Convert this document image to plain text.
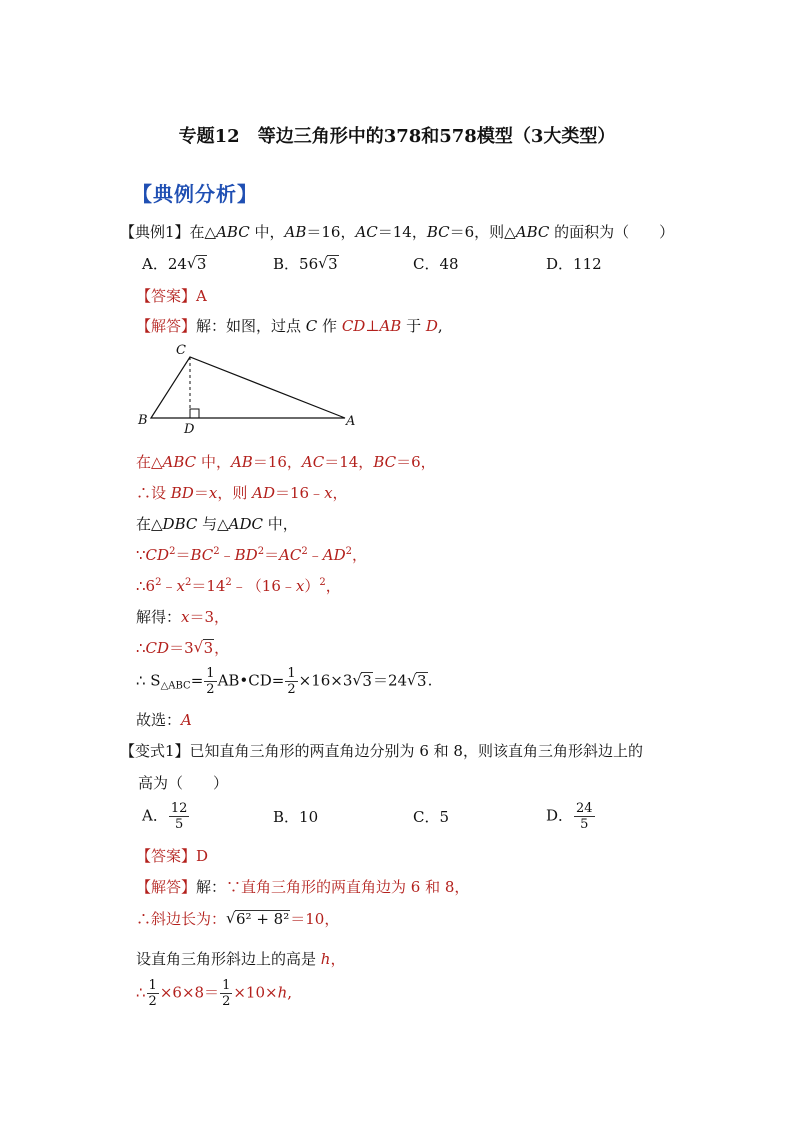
专题12　等边三角形中的378和578模型（3大类型）
【典例分析】
【典例1】在△ABC 中，AB＝16，AC＝14，BC＝6，则△ABC 的面积为（　　）
A．24 √ 3	B．56 √ 3	C．48	D．112
【答案】A
【解答】解：如图，过点 C 作 CD⊥AB 于 D,
C
B
D
A
在△ABC 中，AB＝16，AC＝14，BC＝6，
∴设 BD＝x，则 AD＝16﹣x，
在△DBC 与△ADC 中，
$\because CD^2=BC^2﹣BD^2=AC^2﹣AD^2$，
$\therefore 6^2﹣x^2=14^2﹣(16﹣x)^2$，
解得：x＝3，
∴CD＝3 √ 3，
∴ $S_{\triangle ABC}= \frac{1}{2}$ AB•CD= $\frac{1}{2} \times 16\times 3$ √ 3＝24 √ 3.
故选：A
【变式1】已知直角三角形的两直角边分别为 6 和 8，则该直角三角形斜边上的
高为（　　）
A． $\frac{12}{5}$	B．10	C．5	D． $\frac{24}{5}$
【答案】D
【解答】解：∵直角三角形的两直角边为 6 和 8，
∴斜边长为： √ 6² + 8²＝10，
设直角三角形斜边上的高是 h，
∴ $\frac{1}{2} \times 6\times 8= \frac{1}{2} \times 10\times h$,
